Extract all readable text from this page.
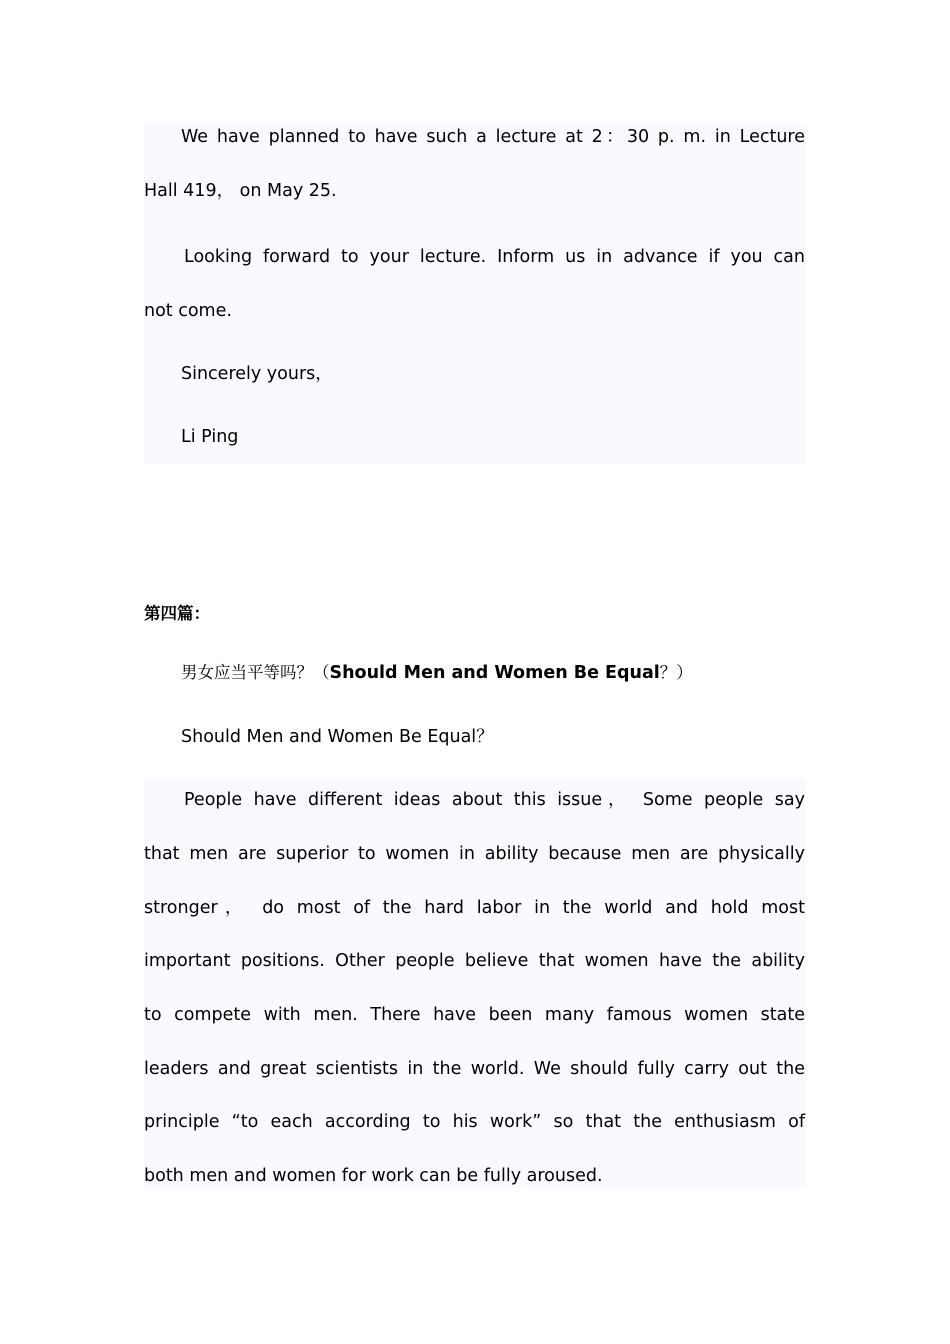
We have planned to have such a lecture at 2：30 p. m. in Lecture
Hall 419， on May 25.
Looking forward to your lecture. Inform us in advance if you can
not come.
Sincerely yours，
Li Ping
第四篇：
男女应当平等吗？（Should Men and Women Be Equal？）
Should Men and Women Be Equal？
People have different ideas about this issue， Some people say
that men are superior to women in ability because men are physically
stronger， do most of the hard labor in the world and hold most
important positions. Other people believe that women have the ability
to compete with men. There have been many famous women state
leaders and great scientists in the world. We should fully carry out the
principle “to each according to his work” so that the enthusiasm of
both men and women for work can be fully aroused.
